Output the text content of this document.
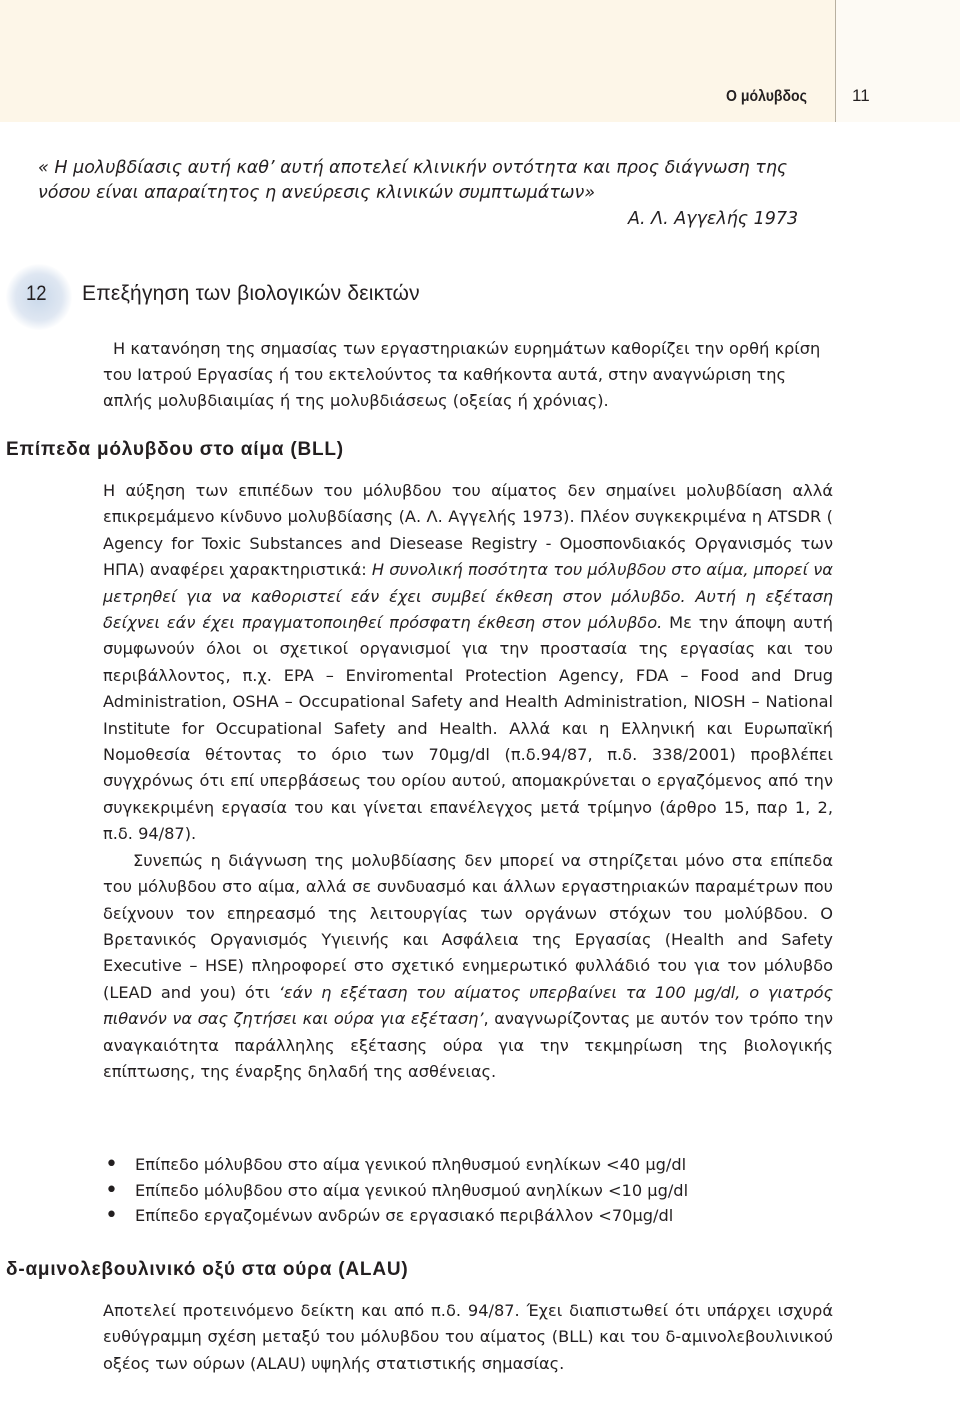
Ο μόλυβδος	11
« Η μολυβδίασις αυτή καθ’ αυτή αποτελεί κλινικήν οντότητα και προς διάγνωση της νόσου είναι απαραίτητος η ανεύρεσις κλινικών συμπτωμάτων»
Α. Λ. Αγγελής 1973
12 Επεξήγηση των βιολογικών δεικτών

Η κατανόηση της σημασίας των εργαστηριακών ευρημάτων καθορίζει την ορθή κρίση του Ιατρού Εργασίας ή του εκτελούντος τα καθήκοντα αυτά, στην αναγνώριση της απλής μολυβδιαιμίας ή της μολυβδιάσεως (οξείας ή χρόνιας).

Επίπεδα μόλυβδου στο αίμα (BLL)

Η αύξηση των επιπέδων του μόλυβδου του αίματος δεν σημαίνει μολυβδίαση αλλά επικρεμάμενο κίνδυνο μολυβδίασης (Α. Λ. Αγγελής 1973). Πλέον συγκεκριμένα η ATSDR ( Agency for Toxic Substances and Diesease Registry - Ομοσπονδιακός Οργανισμός των ΗΠΑ) αναφέρει χαρακτηριστικά: Η συνολική ποσότητα του μόλυβδου στο αίμα, μπορεί να μετρηθεί για να καθοριστεί εάν έχει συμβεί έκθεση στον μόλυβδο. Αυτή η εξέταση δείχνει εάν έχει πραγματοποιηθεί πρόσφατη έκθεση στον μόλυβδο. Με την άποψη αυτή συμφωνούν όλοι οι σχετικοί οργανισμοί για την προστασία της εργασίας και του περιβάλλοντος, π.χ. EPA – Enviromental Protection Agency, FDA – Food and Drug Administration, OSHA – Occupational Safety and Health Administration, NIOSH – National Institute for Occupational Safety and Health. Αλλά και η Ελληνική και Ευρωπαϊκή Νομοθεσία θέτοντας το όριο των 70μg/dl (π.δ.94/87, π.δ. 338/2001) προβλέπει συγχρόνως ότι επί υπερβάσεως του ορίου αυτού, απομακρύνεται ο εργαζόμενος από την συγκεκριμένη εργασία του και γίνεται επανέλεγχος μετά τρίμηνο (άρθρο 15, παρ 1, 2, π.δ. 94/87).

Συνεπώς η διάγνωση της μολυβδίασης δεν μπορεί να στηρίζεται μόνο στα επίπεδα του μόλυβδου στο αίμα, αλλά σε συνδυασμό και άλλων εργαστηριακών παραμέτρων που δείχνουν τον επηρεασμό της λειτουργίας των οργάνων στόχων του μολύβδου. Ο Βρετανικός Οργανισμός Υγιεινής και Ασφάλεια της Εργασίας (Health and Safety Executive – HSE) πληροφορεί στο σχετικό ενημερωτικό φυλλάδιό του για τον μόλυβδο (LEAD and you) ότι ‘εάν η εξέταση του αίματος υπερβαίνει τα 100 μg/dl, ο γιατρός πιθανόν να σας ζητήσει και ούρα για εξέταση’, αναγνωρίζοντας με αυτόν τον τρόπο την αναγκαιότητα παράλληλης εξέτασης ούρα για την τεκμηρίωση της βιολογικής επίπτωσης, της έναρξης δηλαδή της ασθένειας.

• Επίπεδο μόλυβδου στο αίμα γενικού πληθυσμού ενηλίκων <40 μg/dl
• Επίπεδο μόλυβδου στο αίμα γενικού πληθυσμού ανηλίκων <10 μg/dl
• Επίπεδο εργαζομένων ανδρών σε εργασιακό περιβάλλον <70μg/dl
δ-αμινολεβουλινικό οξύ στα ούρα (ALAU)

Αποτελεί προτεινόμενο δείκτη και από π.δ. 94/87. Έχει διαπιστωθεί ότι υπάρχει ισχυρά ευθύγραμμη σχέση μεταξύ του μόλυβδου του αίματος (BLL) και του δ-αμινολεβουλινικού οξέος των ούρων (ALAU) υψηλής στατιστικής σημασίας.
